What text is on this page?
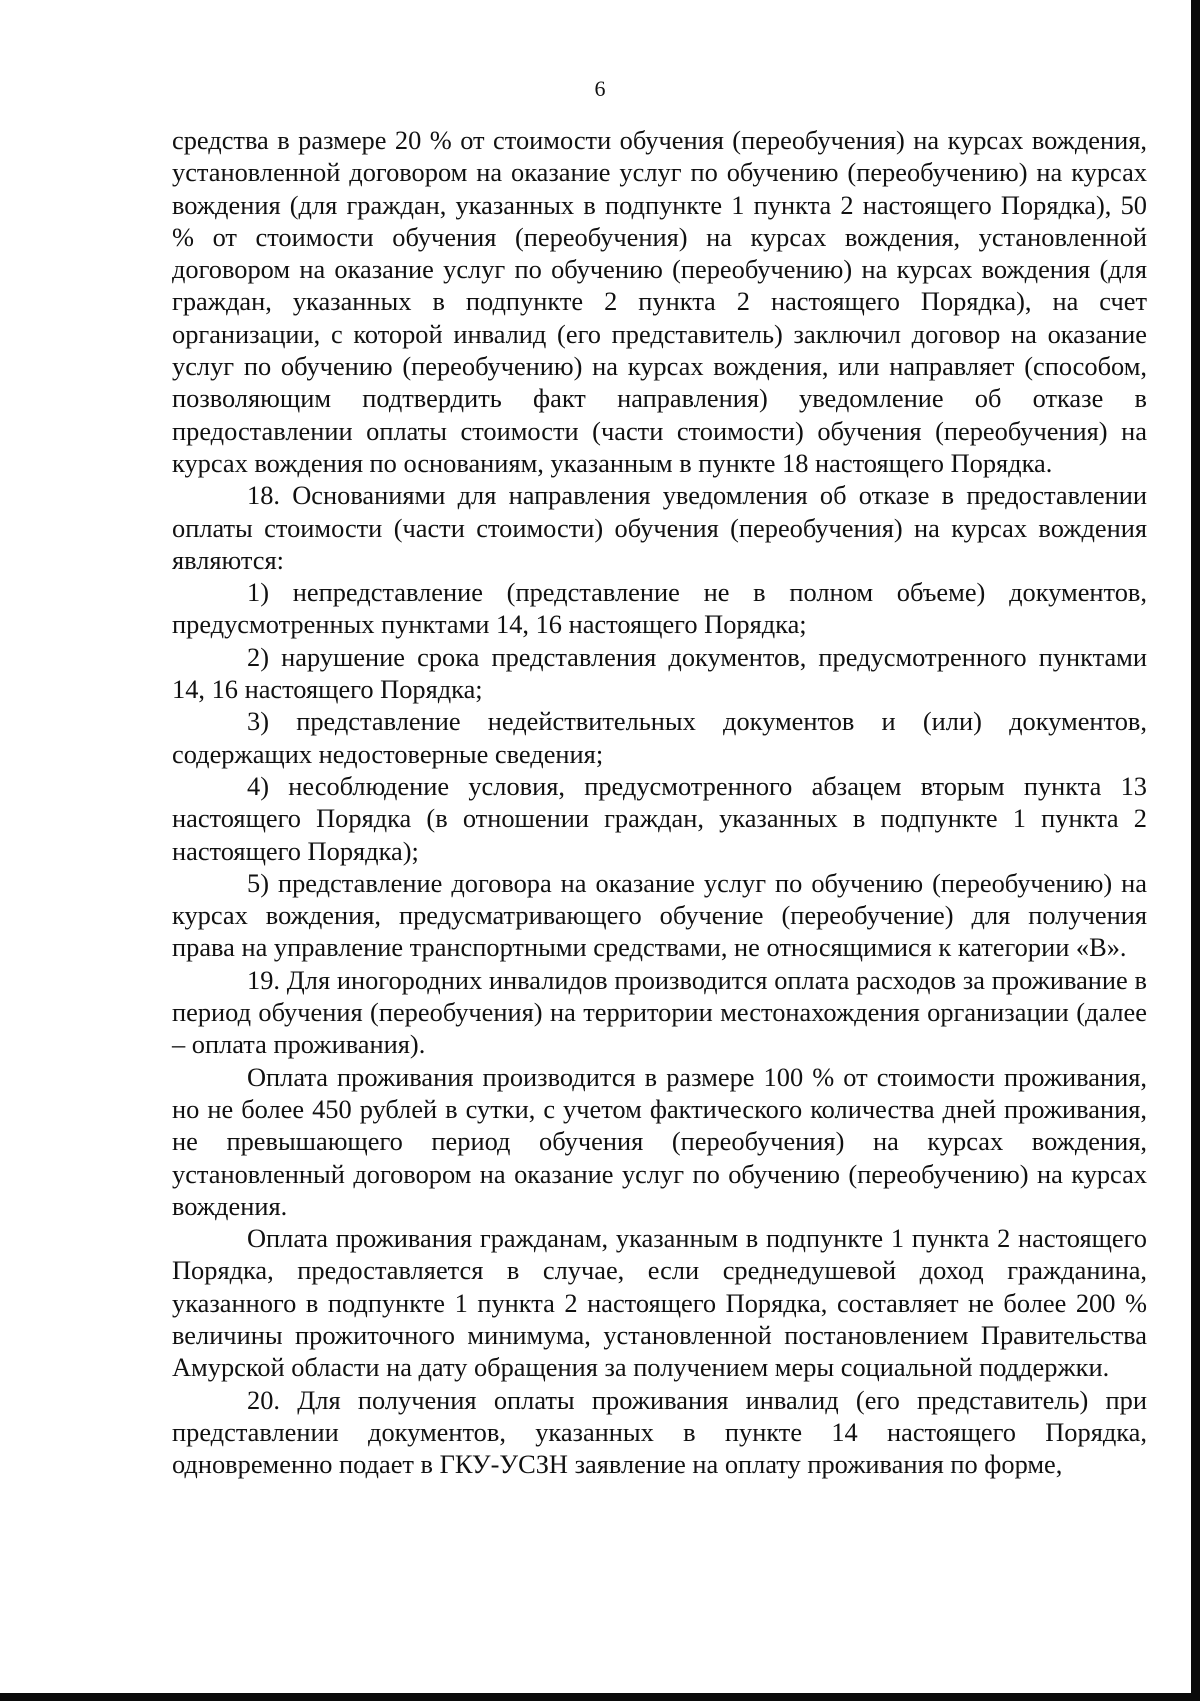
6

средства в размере 20 % от стоимости обучения (переобучения) на курсах вождения, установленной договором на оказание услуг по обучению (переобучению) на курсах вождения (для граждан, указанных в подпункте 1 пункта 2 настоящего Порядка), 50 % от стоимости обучения (переобучения) на курсах вождения, установленной договором на оказание услуг по обучению (переобучению) на курсах вождения (для граждан, указанных в подпункте 2 пункта 2 настоящего Порядка), на счет организации, с которой инвалид (его представитель) заключил договор на оказание услуг по обучению (переобучению) на курсах вождения, или направляет (способом, позволяющим подтвердить факт направления) уведомление об отказе в предоставлении оплаты стоимости (части стоимости) обучения (переобучения) на курсах вождения по основаниям, указанным в пункте 18 настоящего Порядка.

18. Основаниями для направления уведомления об отказе в предоставлении оплаты стоимости (части стоимости) обучения (переобучения) на курсах вождения являются:

1) непредставление (представление не в полном объеме) документов, предусмотренных пунктами 14, 16 настоящего Порядка;

2) нарушение срока представления документов, предусмотренного пунктами 14, 16 настоящего Порядка;

3) представление недействительных документов и (или) документов, содержащих недостоверные сведения;

4) несоблюдение условия, предусмотренного абзацем вторым пункта 13 настоящего Порядка (в отношении граждан, указанных в подпункте 1 пункта 2 настоящего Порядка);

5) представление договора на оказание услуг по обучению (переобучению) на курсах вождения, предусматривающего обучение (переобучение) для получения права на управление транспортными средствами, не относящимися к категории «В».

19. Для иногородних инвалидов производится оплата расходов за проживание в период обучения (переобучения) на территории местонахождения организации (далее – оплата проживания).

Оплата проживания производится в размере 100 % от стоимости проживания, но не более 450 рублей в сутки, с учетом фактического количества дней проживания, не превышающего период обучения (переобучения) на курсах вождения, установленный договором на оказание услуг по обучению (переобучению) на курсах вождения.

Оплата проживания гражданам, указанным в подпункте 1 пункта 2 настоящего Порядка, предоставляется в случае, если среднедушевой доход гражданина, указанного в подпункте 1 пункта 2 настоящего Порядка, составляет не более 200 % величины прожиточного минимума, установленной постановлением Правительства Амурской области на дату обращения за получением меры социальной поддержки.

20. Для получения оплаты проживания инвалид (его представитель) при представлении документов, указанных в пункте 14 настоящего Порядка, одновременно подает в ГКУ-УСЗН заявление на оплату проживания по форме,
